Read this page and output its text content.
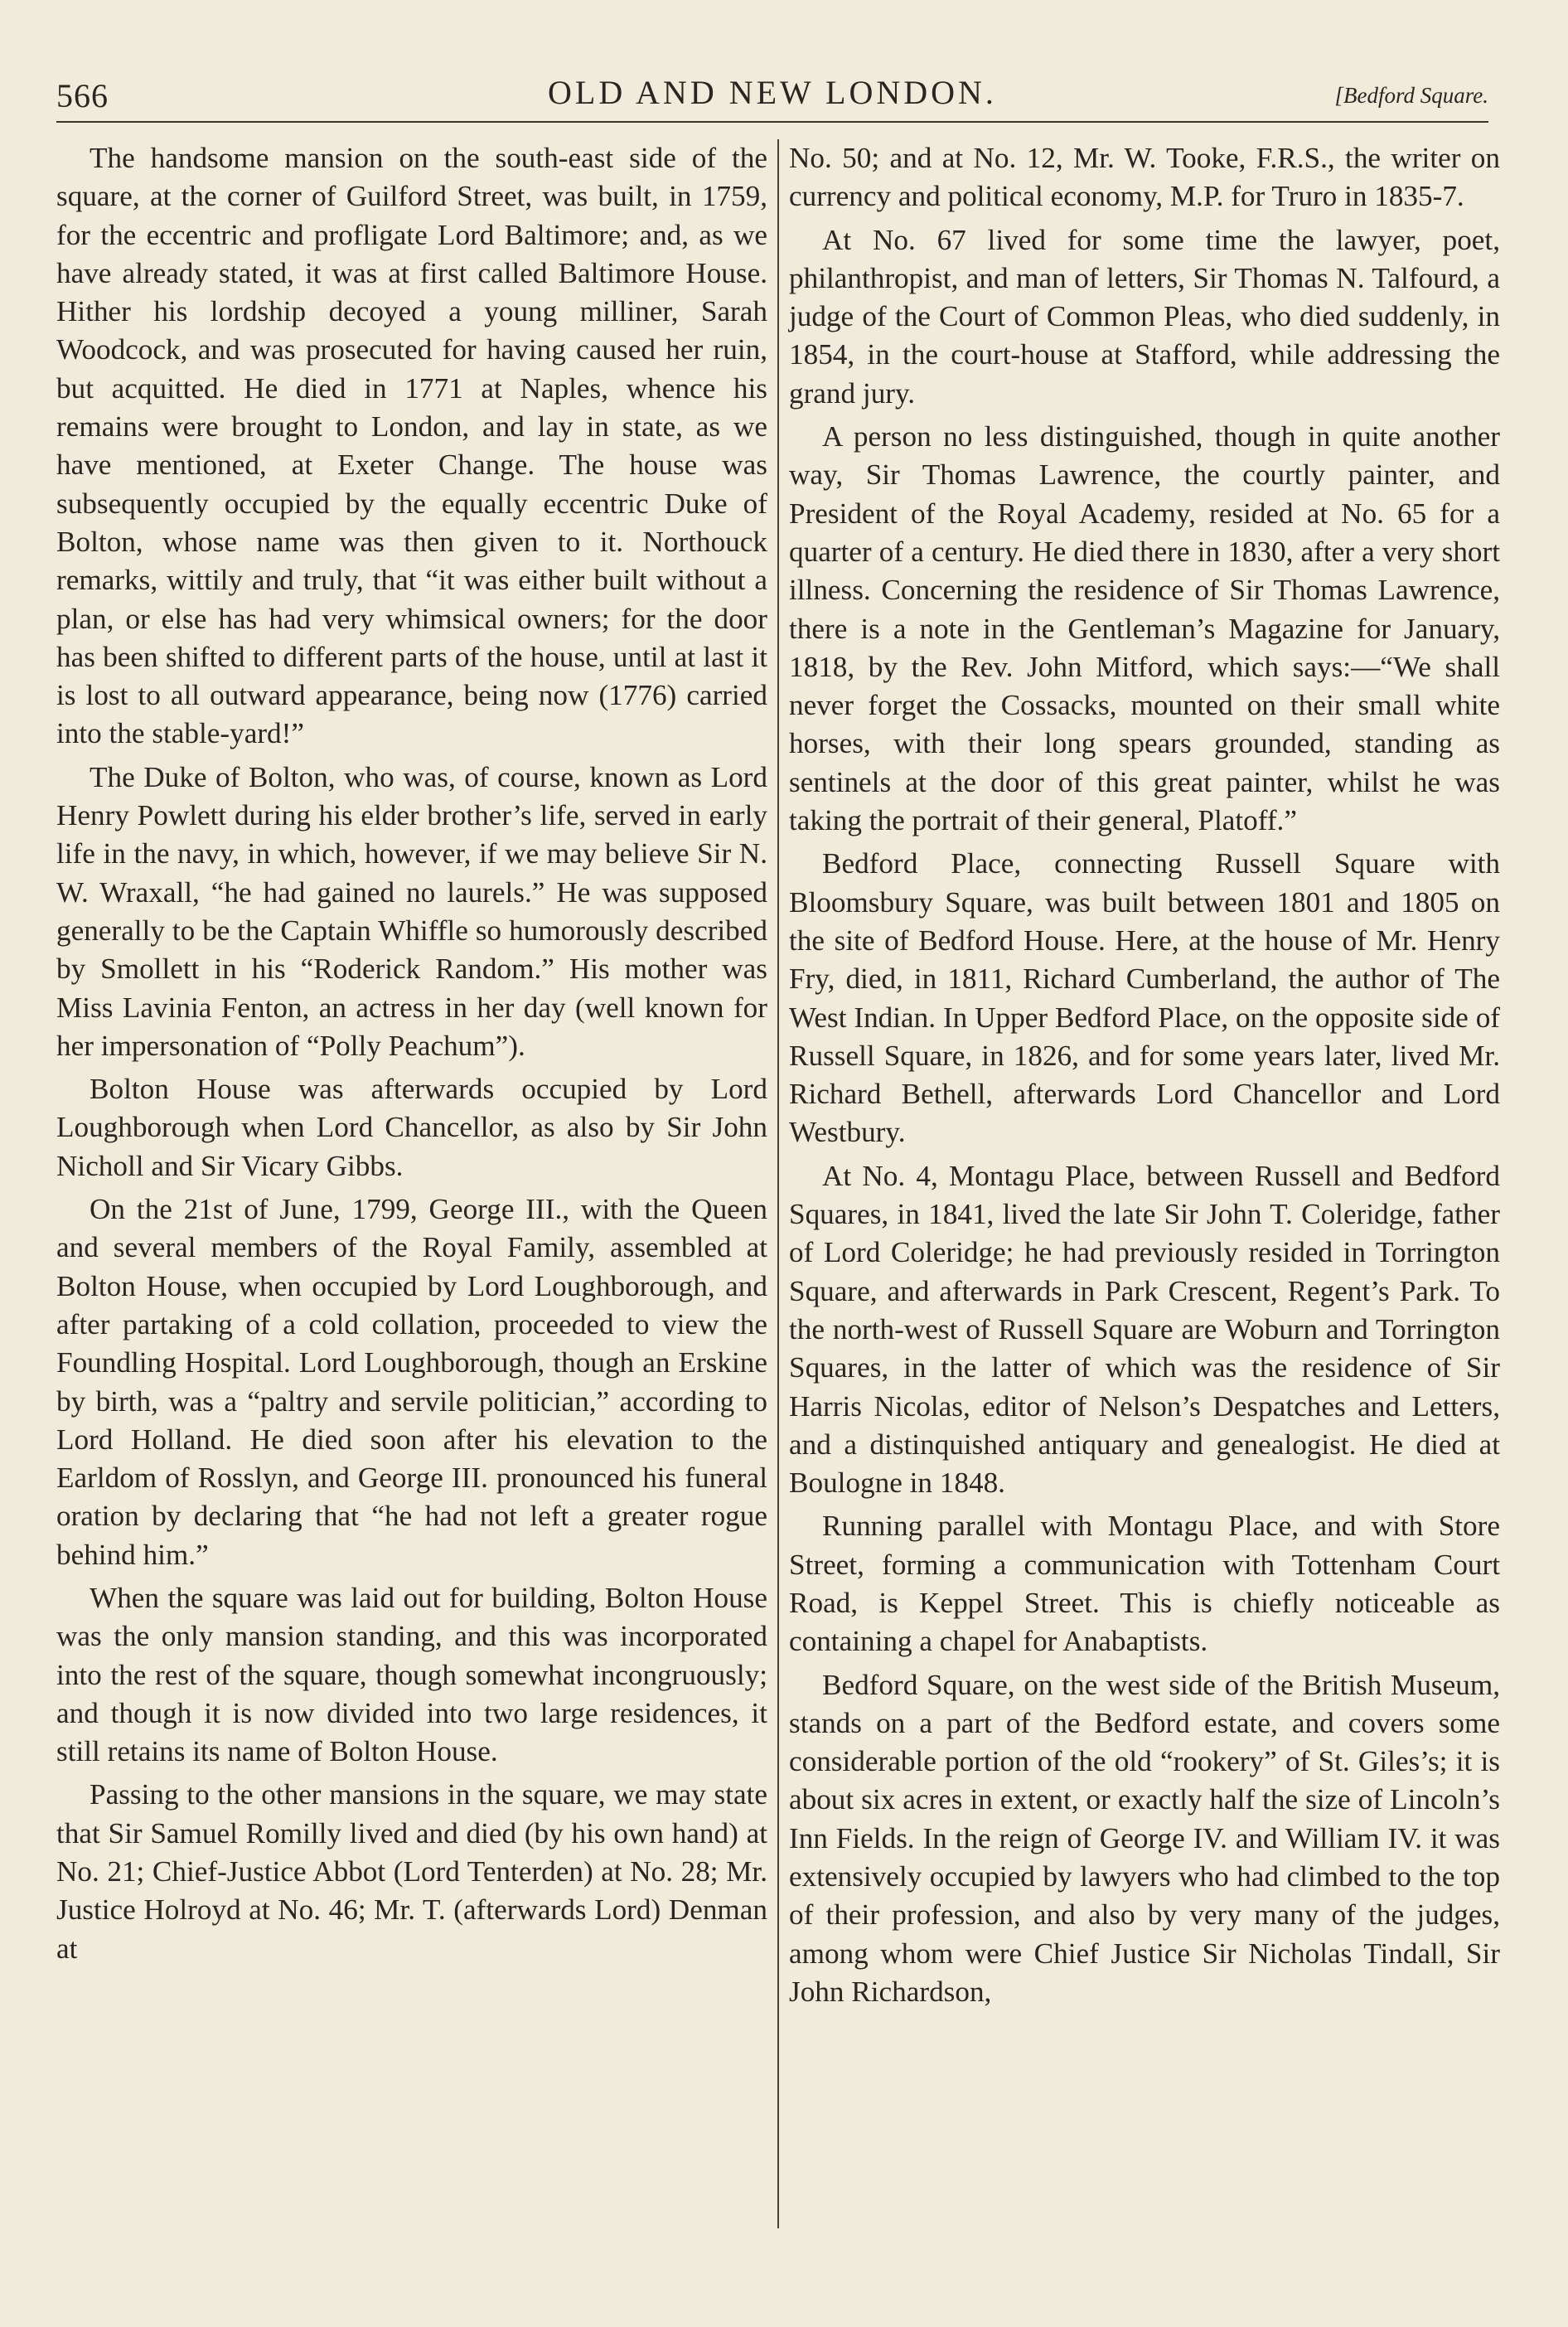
566	OLD AND NEW LONDON.	[Bedford Square.

The handsome mansion on the south-east side of the square, at the corner of Guilford Street, was built, in 1759, for the eccentric and profligate Lord Baltimore; and, as we have already stated, it was at first called Baltimore House. Hither his lordship decoyed a young milliner, Sarah Woodcock, and was prosecuted for having caused her ruin, but acquitted. He died in 1771 at Naples, whence his remains were brought to London, and lay in state, as we have mentioned, at Exeter Change. The house was subsequently occupied by the equally eccentric Duke of Bolton, whose name was then given to it. Northouck remarks, wittily and truly, that “it was either built without a plan, or else has had very whimsical owners; for the door has been shifted to different parts of the house, until at last it is lost to all outward appearance, being now (1776) carried into the stable-yard!”

The Duke of Bolton, who was, of course, known as Lord Henry Powlett during his elder brother’s life, served in early life in the navy, in which, however, if we may believe Sir N. W. Wraxall, “he had gained no laurels.” He was supposed generally to be the Captain Whiffle so humorously described by Smollett in his “Roderick Random.” His mother was Miss Lavinia Fenton, an actress in her day (well known for her impersonation of “Polly Peachum”).

Bolton House was afterwards occupied by Lord Loughborough when Lord Chancellor, as also by Sir John Nicholl and Sir Vicary Gibbs.

On the 21st of June, 1799, George III., with the Queen and several members of the Royal Family, assembled at Bolton House, when occupied by Lord Loughborough, and after partaking of a cold collation, proceeded to view the Foundling Hospital. Lord Loughborough, though an Erskine by birth, was a “paltry and servile politician,” according to Lord Holland. He died soon after his elevation to the Earldom of Rosslyn, and George III. pronounced his funeral oration by declaring that “he had not left a greater rogue behind him.”

When the square was laid out for building, Bolton House was the only mansion standing, and this was incorporated into the rest of the square, though somewhat incongruously; and though it is now divided into two large residences, it still retains its name of Bolton House.

Passing to the other mansions in the square, we may state that Sir Samuel Romilly lived and died (by his own hand) at No. 21; Chief-Justice Abbot (Lord Tenterden) at No. 28; Mr. Justice Holroyd at No. 46; Mr. T. (afterwards Lord) Denman at

No. 50; and at No. 12, Mr. W. Tooke, F.R.S., the writer on currency and political economy, M.P. for Truro in 1835-7.

At No. 67 lived for some time the lawyer, poet, philanthropist, and man of letters, Sir Thomas N. Talfourd, a judge of the Court of Common Pleas, who died suddenly, in 1854, in the court-house at Stafford, while addressing the grand jury.

A person no less distinguished, though in quite another way, Sir Thomas Lawrence, the courtly painter, and President of the Royal Academy, resided at No. 65 for a quarter of a century. He died there in 1830, after a very short illness. Concerning the residence of Sir Thomas Lawrence, there is a note in the Gentleman’s Magazine for January, 1818, by the Rev. John Mitford, which says:—“We shall never forget the Cossacks, mounted on their small white horses, with their long spears grounded, standing as sentinels at the door of this great painter, whilst he was taking the portrait of their general, Platoff.”

Bedford Place, connecting Russell Square with Bloomsbury Square, was built between 1801 and 1805 on the site of Bedford House. Here, at the house of Mr. Henry Fry, died, in 1811, Richard Cumberland, the author of The West Indian. In Upper Bedford Place, on the opposite side of Russell Square, in 1826, and for some years later, lived Mr. Richard Bethell, afterwards Lord Chancellor and Lord Westbury.

At No. 4, Montagu Place, between Russell and Bedford Squares, in 1841, lived the late Sir John T. Coleridge, father of Lord Coleridge; he had previously resided in Torrington Square, and afterwards in Park Crescent, Regent’s Park. To the north-west of Russell Square are Woburn and Torrington Squares, in the latter of which was the residence of Sir Harris Nicolas, editor of Nelson’s Despatches and Letters, and a distinquished antiquary and genealogist. He died at Boulogne in 1848.

Running parallel with Montagu Place, and with Store Street, forming a communication with Tottenham Court Road, is Keppel Street. This is chiefly noticeable as containing a chapel for Anabaptists.

Bedford Square, on the west side of the British Museum, stands on a part of the Bedford estate, and covers some considerable portion of the old “rookery” of St. Giles’s; it is about six acres in extent, or exactly half the size of Lincoln’s Inn Fields. In the reign of George IV. and William IV. it was extensively occupied by lawyers who had climbed to the top of their profession, and also by very many of the judges, among whom were Chief Justice Sir Nicholas Tindall, Sir John Richardson,
